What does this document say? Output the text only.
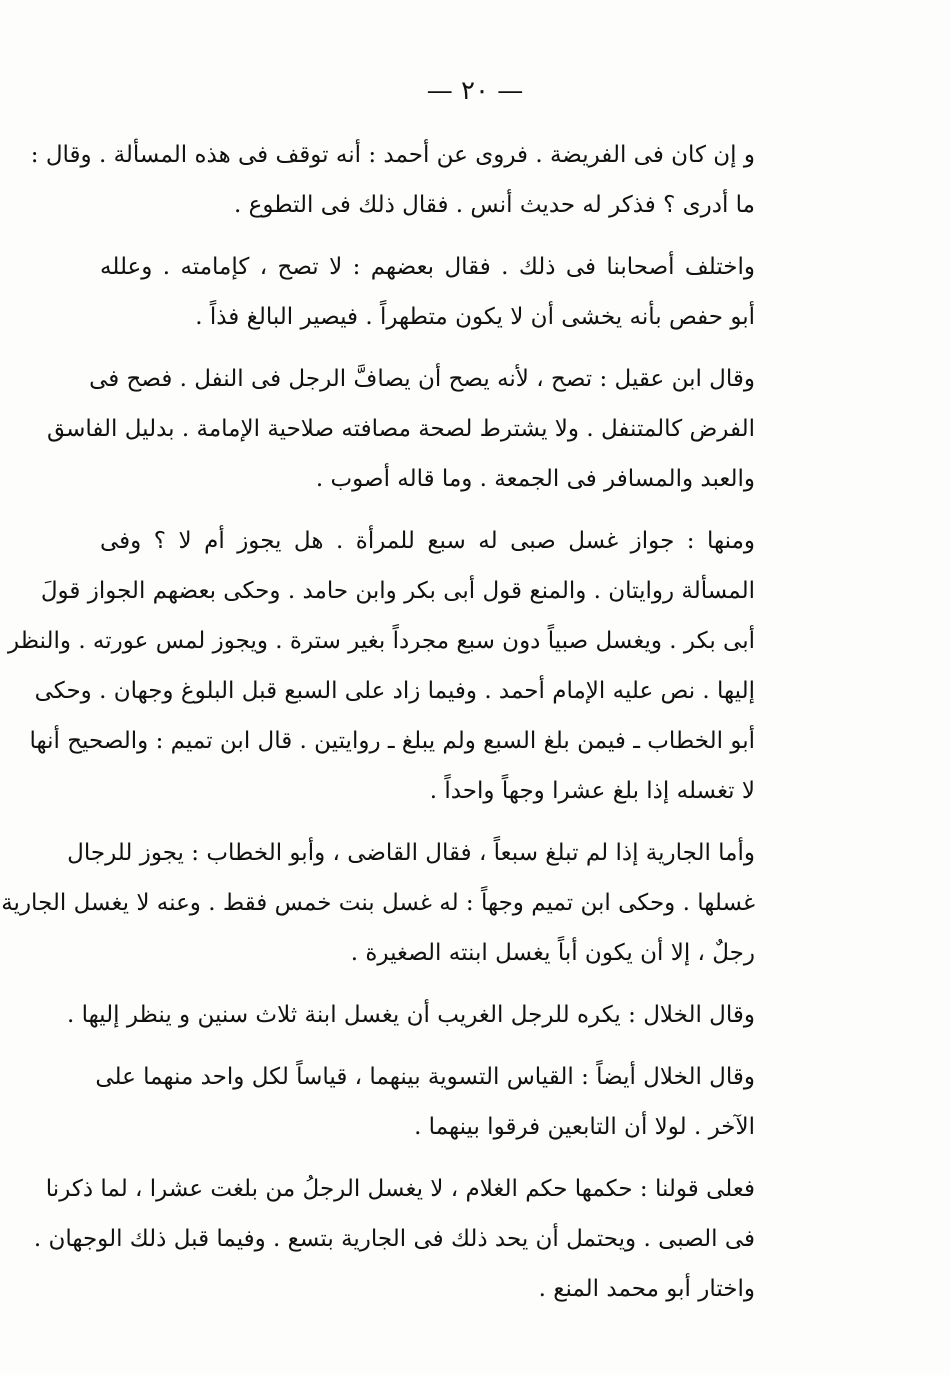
— ٢٠ —
و إن كان فى الفريضة . فروى عن أحمد : أنه توقف فى هذه المسألة . وقال :
ما أدرى ؟ فذكر له حديث أنس . فقال ذلك فى التطوع .
واختلف أصحابنا فى ذلك . فقال بعضهم : لا تصح ، كإمامته . وعلله
أبو حفص بأنه يخشى أن لا يكون متطهراً . فيصير البالغ فذاً .
وقال ابن عقيل : تصح ، لأنه يصح أن يصافَّ الرجل فى النفل . فصح فى
الفرض كالمتنفل . ولا يشترط لصحة مصافته صلاحية الإمامة . بدليل الفاسق
والعبد والمسافر فى الجمعة . وما قاله أصوب .
ومنها : جواز غسل صبى له سبع للمرأة . هل يجوز أم لا ؟ وفى
المسألة روايتان . والمنع قول أبى بكر وابن حامد . وحكى بعضهم الجواز قولَ
أبى بكر . ويغسل صبياً دون سبع مجرداً بغير سترة . ويجوز لمس عورته . والنظر
إليها . نص عليه الإمام أحمد . وفيما زاد على السبع قبل البلوغ وجهان . وحكى
أبو الخطاب ـ فيمن بلغ السبع ولم يبلغ ـ روايتين . قال ابن تميم : والصحيح أنها
لا تغسله إذا بلغ عشرا وجهاً واحداً .
وأما الجارية إذا لم تبلغ سبعاً ، فقال القاضى ، وأبو الخطاب : يجوز للرجال
غسلها . وحكى ابن تميم وجهاً : له غسل بنت خمس فقط . وعنه لا يغسل الجارية
رجلٌ ، إلا أن يكون أباً يغسل ابنته الصغيرة .
وقال الخلال : يكره للرجل الغريب أن يغسل ابنة ثلاث سنين و ينظر إليها .
وقال الخلال أيضاً : القياس التسوية بينهما ، قياساً لكل واحد منهما على
الآخر . لولا أن التابعين فرقوا بينهما .
فعلى قولنا : حكمها حكم الغلام ، لا يغسل الرجلُ من بلغت عشرا ، لما ذكرنا
فى الصبى . ويحتمل أن يحد ذلك فى الجارية بتسع . وفيما قبل ذلك الوجهان .
واختار أبو محمد المنع .
